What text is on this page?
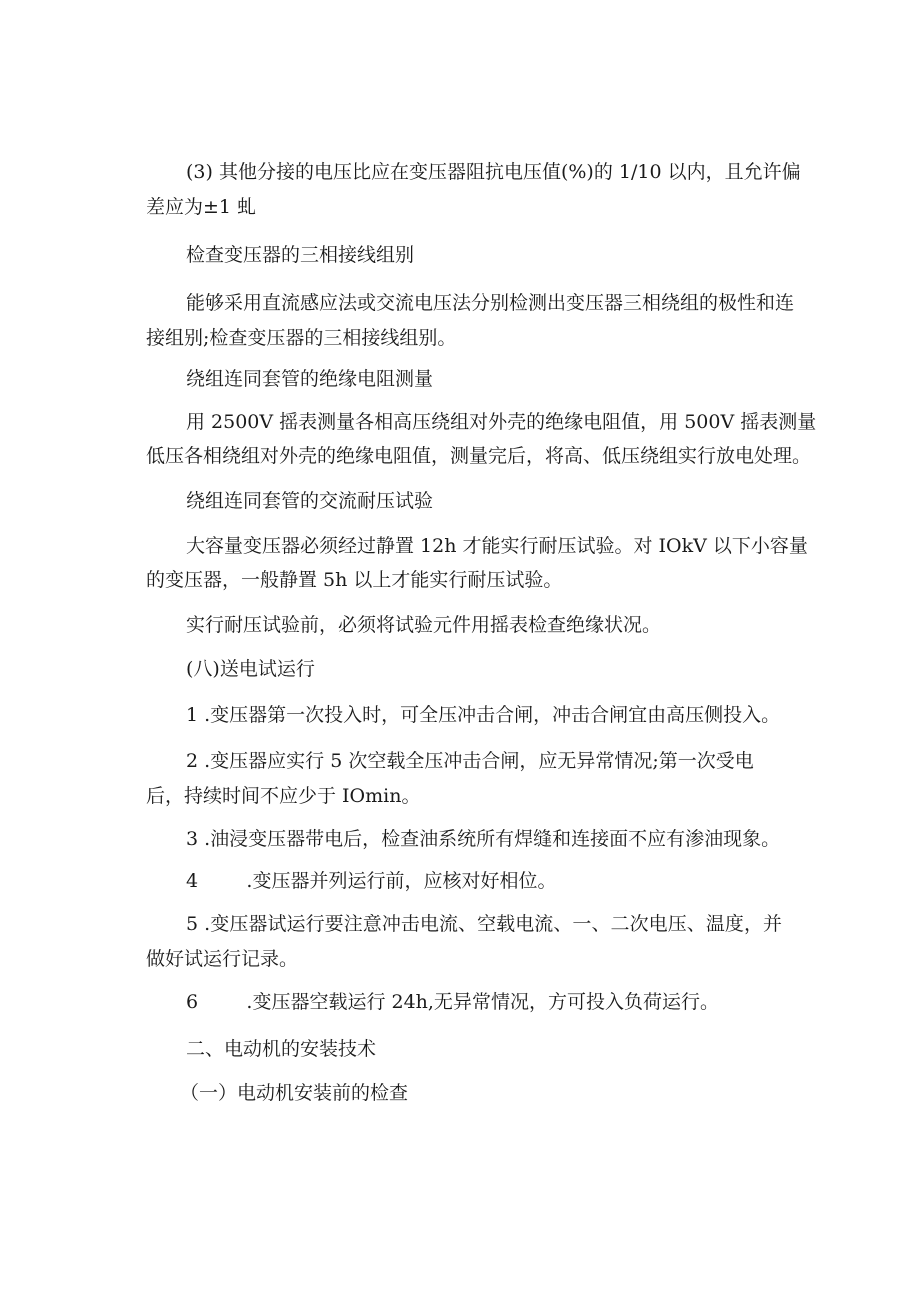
(3) 其他分接的电压比应在变压器阻抗电压值(%)的 1/10 以内，且允许偏

差应为±1 虬

检查变压器的三相接线组别

能够采用直流感应法或交流电压法分别检测出变压器三相绕组的极性和连

接组别;检查变压器的三相接线组别。

绕组连同套管的绝缘电阻测量

用 2500V 摇表测量各相高压绕组对外壳的绝缘电阻值，用 500V 摇表测量

低压各相绕组对外壳的绝缘电阻值，测量完后，将高、低压绕组实行放电处理。

绕组连同套管的交流耐压试验

大容量变压器必须经过静置 12h 才能实行耐压试验。对 IOkV 以下小容量

的变压器，一般静置 5h 以上才能实行耐压试验。

实行耐压试验前，必须将试验元件用摇表检查绝缘状况。

(八)送电试运行

1 .变压器第一次投入时，可全压冲击合闸，冲击合闸宜由高压侧投入。

2 .变压器应实行 5 次空载全压冲击合闸，应无异常情况;第一次受电

后，持续时间不应少于 IOmin。

3 .油浸变压器带电后，检查油系统所有焊缝和连接面不应有渗油现象。

4        .变压器并列运行前，应核对好相位。

5 .变压器试运行要注意冲击电流、空载电流、一、二次电压、温度，并

做好试运行记录。

6        .变压器空载运行 24h,无异常情况，方可投入负荷运行。

二、电动机的安装技术

（一）电动机安装前的检查
